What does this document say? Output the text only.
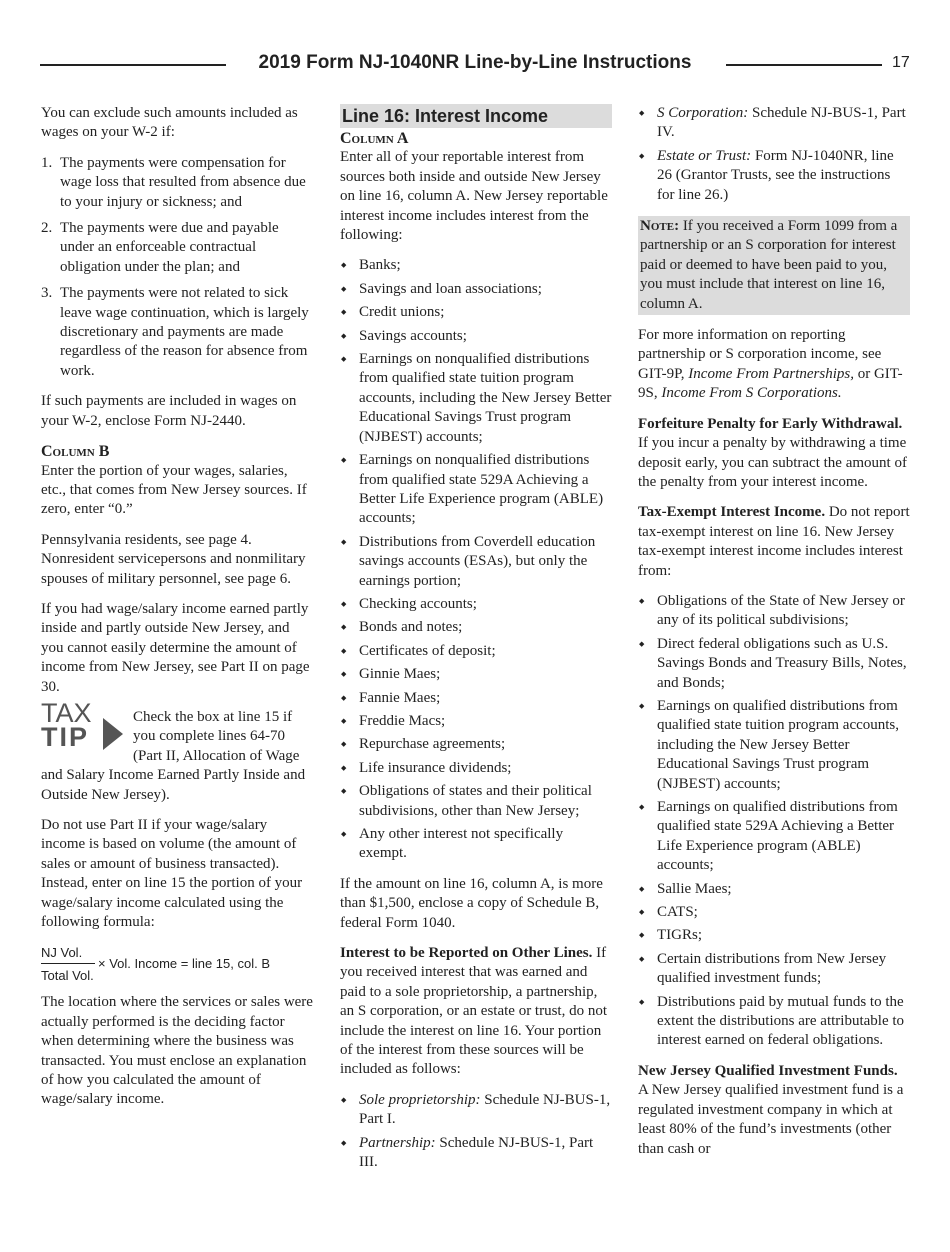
2019 Form NJ-1040NR Line-by-Line Instructions	17

You can exclude such amounts included as wages on your W-2 if:

1. The payments were compensation for wage loss that resulted from absence due to your injury or sickness; and
2. The payments were due and payable under an enforceable contractual obligation under the plan; and
3. The payments were not related to sick leave wage continuation, which is largely discretionary and payments are made regardless of the reason for absence from work.

If such payments are included in wages on your W-2, enclose Form NJ-2440.

Column B

Enter the portion of your wages, salaries, etc., that comes from New Jersey sources. If zero, enter “0.”

Pennsylvania residents, see page 4. Nonresident servicepersons and nonmilitary spouses of military personnel, see page 6.

If you had wage/salary income earned partly inside and partly outside New Jersey, and you cannot easily determine the amount of income from New Jersey, see Part II on page 30.

TAX
TIP
Check the box at line 15 if you complete lines 64-70 (Part II, Allocation of Wage and Salary Income Earned Partly Inside and Outside New Jersey).

Do not use Part II if your wage/salary income is based on volume (the amount of sales or amount of business transacted). Instead, enter on line 15 the portion of your wage/salary income calculated using the following formula:

NJ Vol.
Total Vol.
× Vol. Income = line 15, col. B

The location where the services or sales were actually performed is the deciding factor when determining where the business was transacted. You must enclose an explanation of how you calculated the amount of wage/salary income.

Line 16: Interest Income
Column A

Enter all of your reportable interest from sources both inside and outside New Jersey on line 16, column A. New Jersey reportable interest income includes interest from the following:

◆ Banks;
◆ Savings and loan associations;
◆ Credit unions;
◆ Savings accounts;
◆ Earnings on nonqualified distributions from qualified state tuition program accounts, including the New Jersey Better Educational Savings Trust program (NJBEST) accounts;
◆ Earnings on nonqualified distributions from qualified state 529A Achieving a Better Life Experience program (ABLE) accounts;
◆ Distributions from Coverdell education savings accounts (ESAs), but only the earnings portion;
◆ Checking accounts;
◆ Bonds and notes;
◆ Certificates of deposit;
◆ Ginnie Maes;
◆ Fannie Maes;
◆ Freddie Macs;
◆ Repurchase agreements;
◆ Life insurance dividends;
◆ Obligations of states and their political subdivisions, other than New Jersey;
◆ Any other interest not specifically exempt.

If the amount on line 16, column A, is more than $1,500, enclose a copy of Schedule B, federal Form 1040.

Interest to be Reported on Other Lines. If you received interest that was earned and paid to a sole proprietorship, a partnership, an S corporation, or an estate or trust, do not include the interest on line 16. Your portion of the interest from these sources will be included as follows:

◆ Sole proprietorship: Schedule NJ-BUS-1, Part I.
◆ Partnership: Schedule NJ-BUS-1, Part III.
◆ S Corporation: Schedule NJ-BUS-1, Part IV.
◆ Estate or Trust: Form NJ-1040NR, line 26 (Grantor Trusts, see the instructions for line 26.)
Note: If you received a Form 1099 from a partnership or an S corporation for interest paid or deemed to have been paid to you, you must include that interest on line 16, column A.

For more information on reporting partnership or S corporation income, see GIT-9P, Income From Partnerships, or GIT-9S, Income From S Corporations.

Forfeiture Penalty for Early Withdrawal. If you incur a penalty by withdrawing a time deposit early, you can subtract the amount of the penalty from your interest income.

Tax-Exempt Interest Income. Do not report tax-exempt interest on line 16. New Jersey tax-exempt interest income includes interest from:

◆ Obligations of the State of New Jersey or any of its political subdivisions;
◆ Direct federal obligations such as U.S. Savings Bonds and Treasury Bills, Notes, and Bonds;
◆ Earnings on qualified distributions from qualified state tuition program accounts, including the New Jersey Better Educational Savings Trust program (NJBEST) accounts;
◆ Earnings on qualified distributions from qualified state 529A Achieving a Better Life Experience program (ABLE) accounts;
◆ Sallie Maes;
◆ CATS;
◆ TIGRs;
◆ Certain distributions from New Jersey qualified investment funds;
◆ Distributions paid by mutual funds to the extent the distributions are attributable to interest earned on federal obligations.

New Jersey Qualified Investment Funds. A New Jersey qualified investment fund is a regulated investment company in which at least 80% of the fund’s investments (other than cash or
